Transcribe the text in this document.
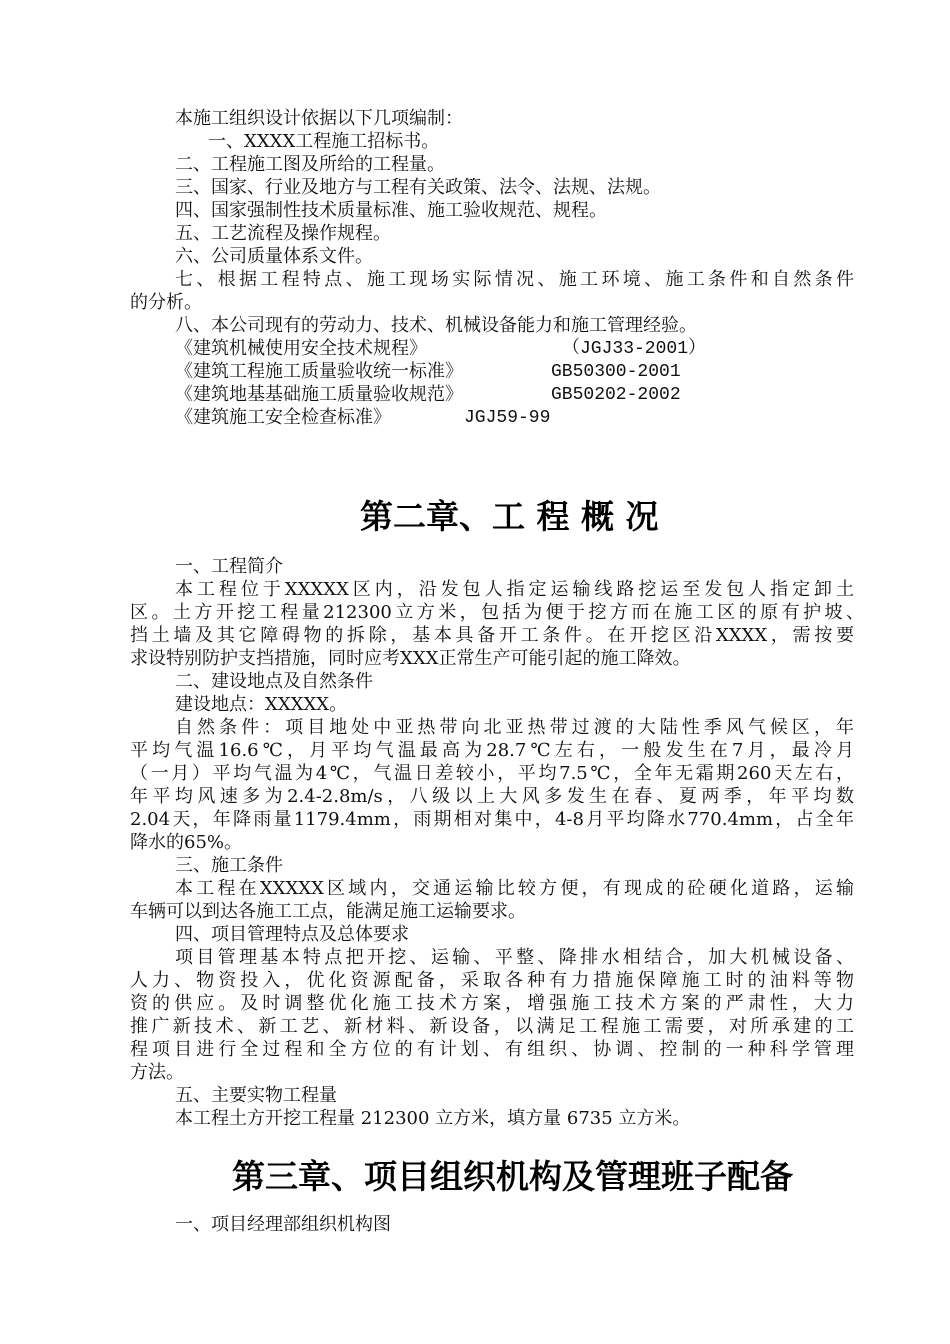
本施工组织设计依据以下几项编制：
一、XXXX工程施工招标书。
二、工程施工图及所给的工程量。
三、国家、行业及地方与工程有关政策、法令、法规、法规。
四、国家强制性技术质量标准、施工验收规范、规程。
五、工艺流程及操作规程。
六、公司质量体系文件。
七、根据工程特点、施工现场实际情况、施工环境、施工条件和自然条件
的分析。
八、本公司现有的劳动力、技术、机械设备能力和施工管理经验。
《建筑机械使用安全技术规程》	（JGJ33-2001）
《建筑工程施工质量验收统一标准》	GB50300-2001
《建筑地基基础施工质量验收规范》	GB50202-2002
《建筑施工安全检查标准》	JGJ59-99
第二章、工 程 概 况
一、工程简介
本工程位于XXXXX区内，沿发包人指定运输线路挖运至发包人指定卸土
区。土方开挖工程量212300立方米，包括为便于挖方而在施工区的原有护坡、
挡土墙及其它障碍物的拆除，基本具备开工条件。在开挖区沿XXXX，需按要
求设特别防护支挡措施，同时应考XXX正常生产可能引起的施工降效。
二、建设地点及自然条件
建设地点：XXXXX。
自然条件：项目地处中亚热带向北亚热带过渡的大陆性季风气候区，年
平均气温16.6℃，月平均气温最高为28.7℃左右，一般发生在7月，最冷月
（一月）平均气温为4℃，气温日差较小，平均7.5℃，全年无霜期260天左右，
年平均风速多为2.4-2.8m/s，八级以上大风多发生在春、夏两季，年平均数
2.04天，年降雨量1179.4mm，雨期相对集中，4-8月平均降水770.4mm，占全年
降水的65%。
三、施工条件
本工程在XXXXX区域内，交通运输比较方便，有现成的砼硬化道路，运输
车辆可以到达各施工工点，能满足施工运输要求。
四、项目管理特点及总体要求
项目管理基本特点把开挖、运输、平整、降排水相结合，加大机械设备、
人力、物资投入，优化资源配备，采取各种有力措施保障施工时的油料等物
资的供应。及时调整优化施工技术方案，增强施工技术方案的严肃性，大力
推广新技术、新工艺、新材料、新设备，以满足工程施工需要，对所承建的工
程项目进行全过程和全方位的有计划、有组织、协调、控制的一种科学管理
方法。
五、主要实物工程量
本工程土方开挖工程量 212300 立方米，填方量 6735 立方米。
第三章、项目组织机构及管理班子配备
一、项目经理部组织机构图
